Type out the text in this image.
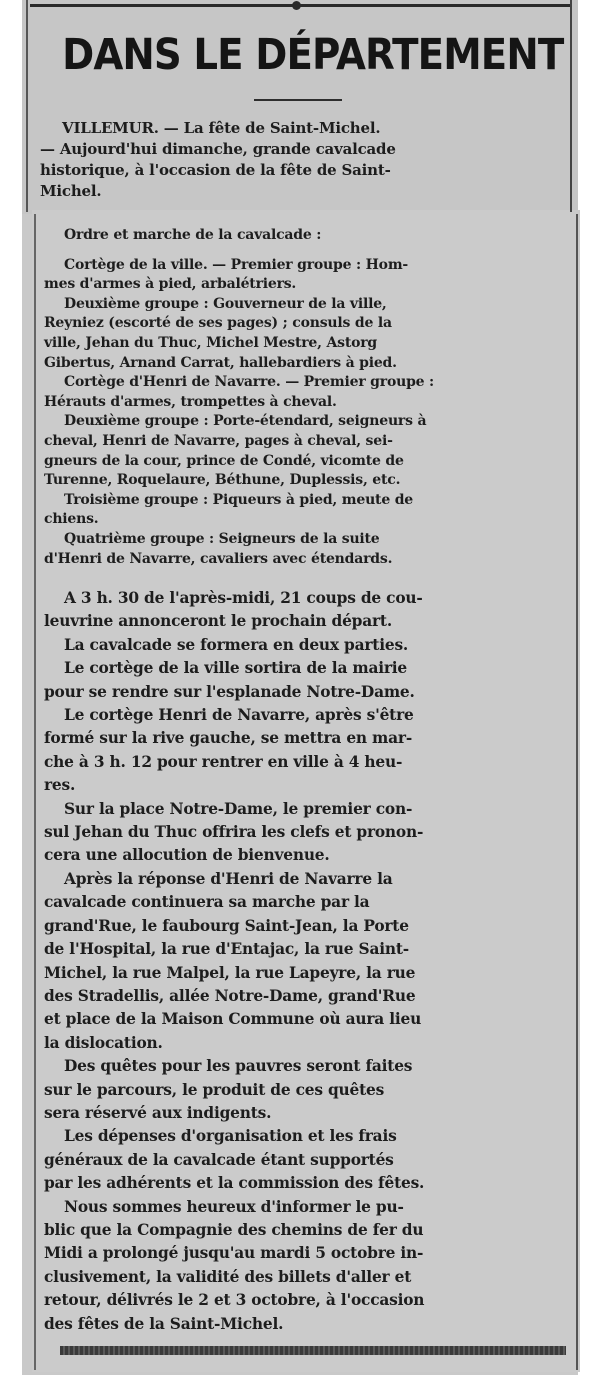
DANS LE DÉPARTEMENT
VILLEMUR. — La fête de Saint-Michel.
— Aujourd'hui dimanche, grande cavalcade
historique, à l'occasion de la fête de Saint-
Michel.
Ordre et marche de la cavalcade :
Cortège de la ville. — Premier groupe : Hom-
mes d'armes à pied, arbalétriers.
Deuxième groupe : Gouverneur de la ville,
Reyniez (escorté de ses pages) ; consuls de la
ville, Jehan du Thuc, Michel Mestre, Astorg
Gibertus, Arnand Carrat, hallebardiers à pied.
Cortège d'Henri de Navarre. — Premier groupe :
Hérauts d'armes, trompettes à cheval.
Deuxième groupe : Porte-étendard, seigneurs à
cheval, Henri de Navarre, pages à cheval, sei-
gneurs de la cour, prince de Condé, vicomte de
Turenne, Roquelaure, Béthune, Duplessis, etc.
Troisième groupe : Piqueurs à pied, meute de
chiens.
Quatrième groupe : Seigneurs de la suite
d'Henri de Navarre, cavaliers avec étendards.
A 3 h. 30 de l'après-midi, 21 coups de cou-
leuvrine annonceront le prochain départ.
La cavalcade se formera en deux parties.
Le cortège de la ville sortira de la mairie
pour se rendre sur l'esplanade Notre-Dame.
Le cortège Henri de Navarre, après s'être
formé sur la rive gauche, se mettra en mar-
che à 3 h. 12 pour rentrer en ville à 4 heu-
res.
Sur la place Notre-Dame, le premier con-
sul Jehan du Thuc offrira les clefs et pronon-
cera une allocution de bienvenue.
Après la réponse d'Henri de Navarre la
cavalcade continuera sa marche par la
grand'Rue, le faubourg Saint-Jean, la Porte
de l'Hospital, la rue d'Entajac, la rue Saint-
Michel, la rue Malpel, la rue Lapeyre, la rue
des Stradellis, allée Notre-Dame, grand'Rue
et place de la Maison Commune où aura lieu
la dislocation.
Des quêtes pour les pauvres seront faites
sur le parcours, le produit de ces quêtes
sera réservé aux indigents.
Les dépenses d'organisation et les frais
généraux de la cavalcade étant supportés
par les adhérents et la commission des fêtes.
Nous sommes heureux d'informer le pu-
blic que la Compagnie des chemins de fer du
Midi a prolongé jusqu'au mardi 5 octobre in-
clusivement, la validité des billets d'aller et
retour, délivrés le 2 et 3 octobre, à l'occasion
des fêtes de la Saint-Michel.
